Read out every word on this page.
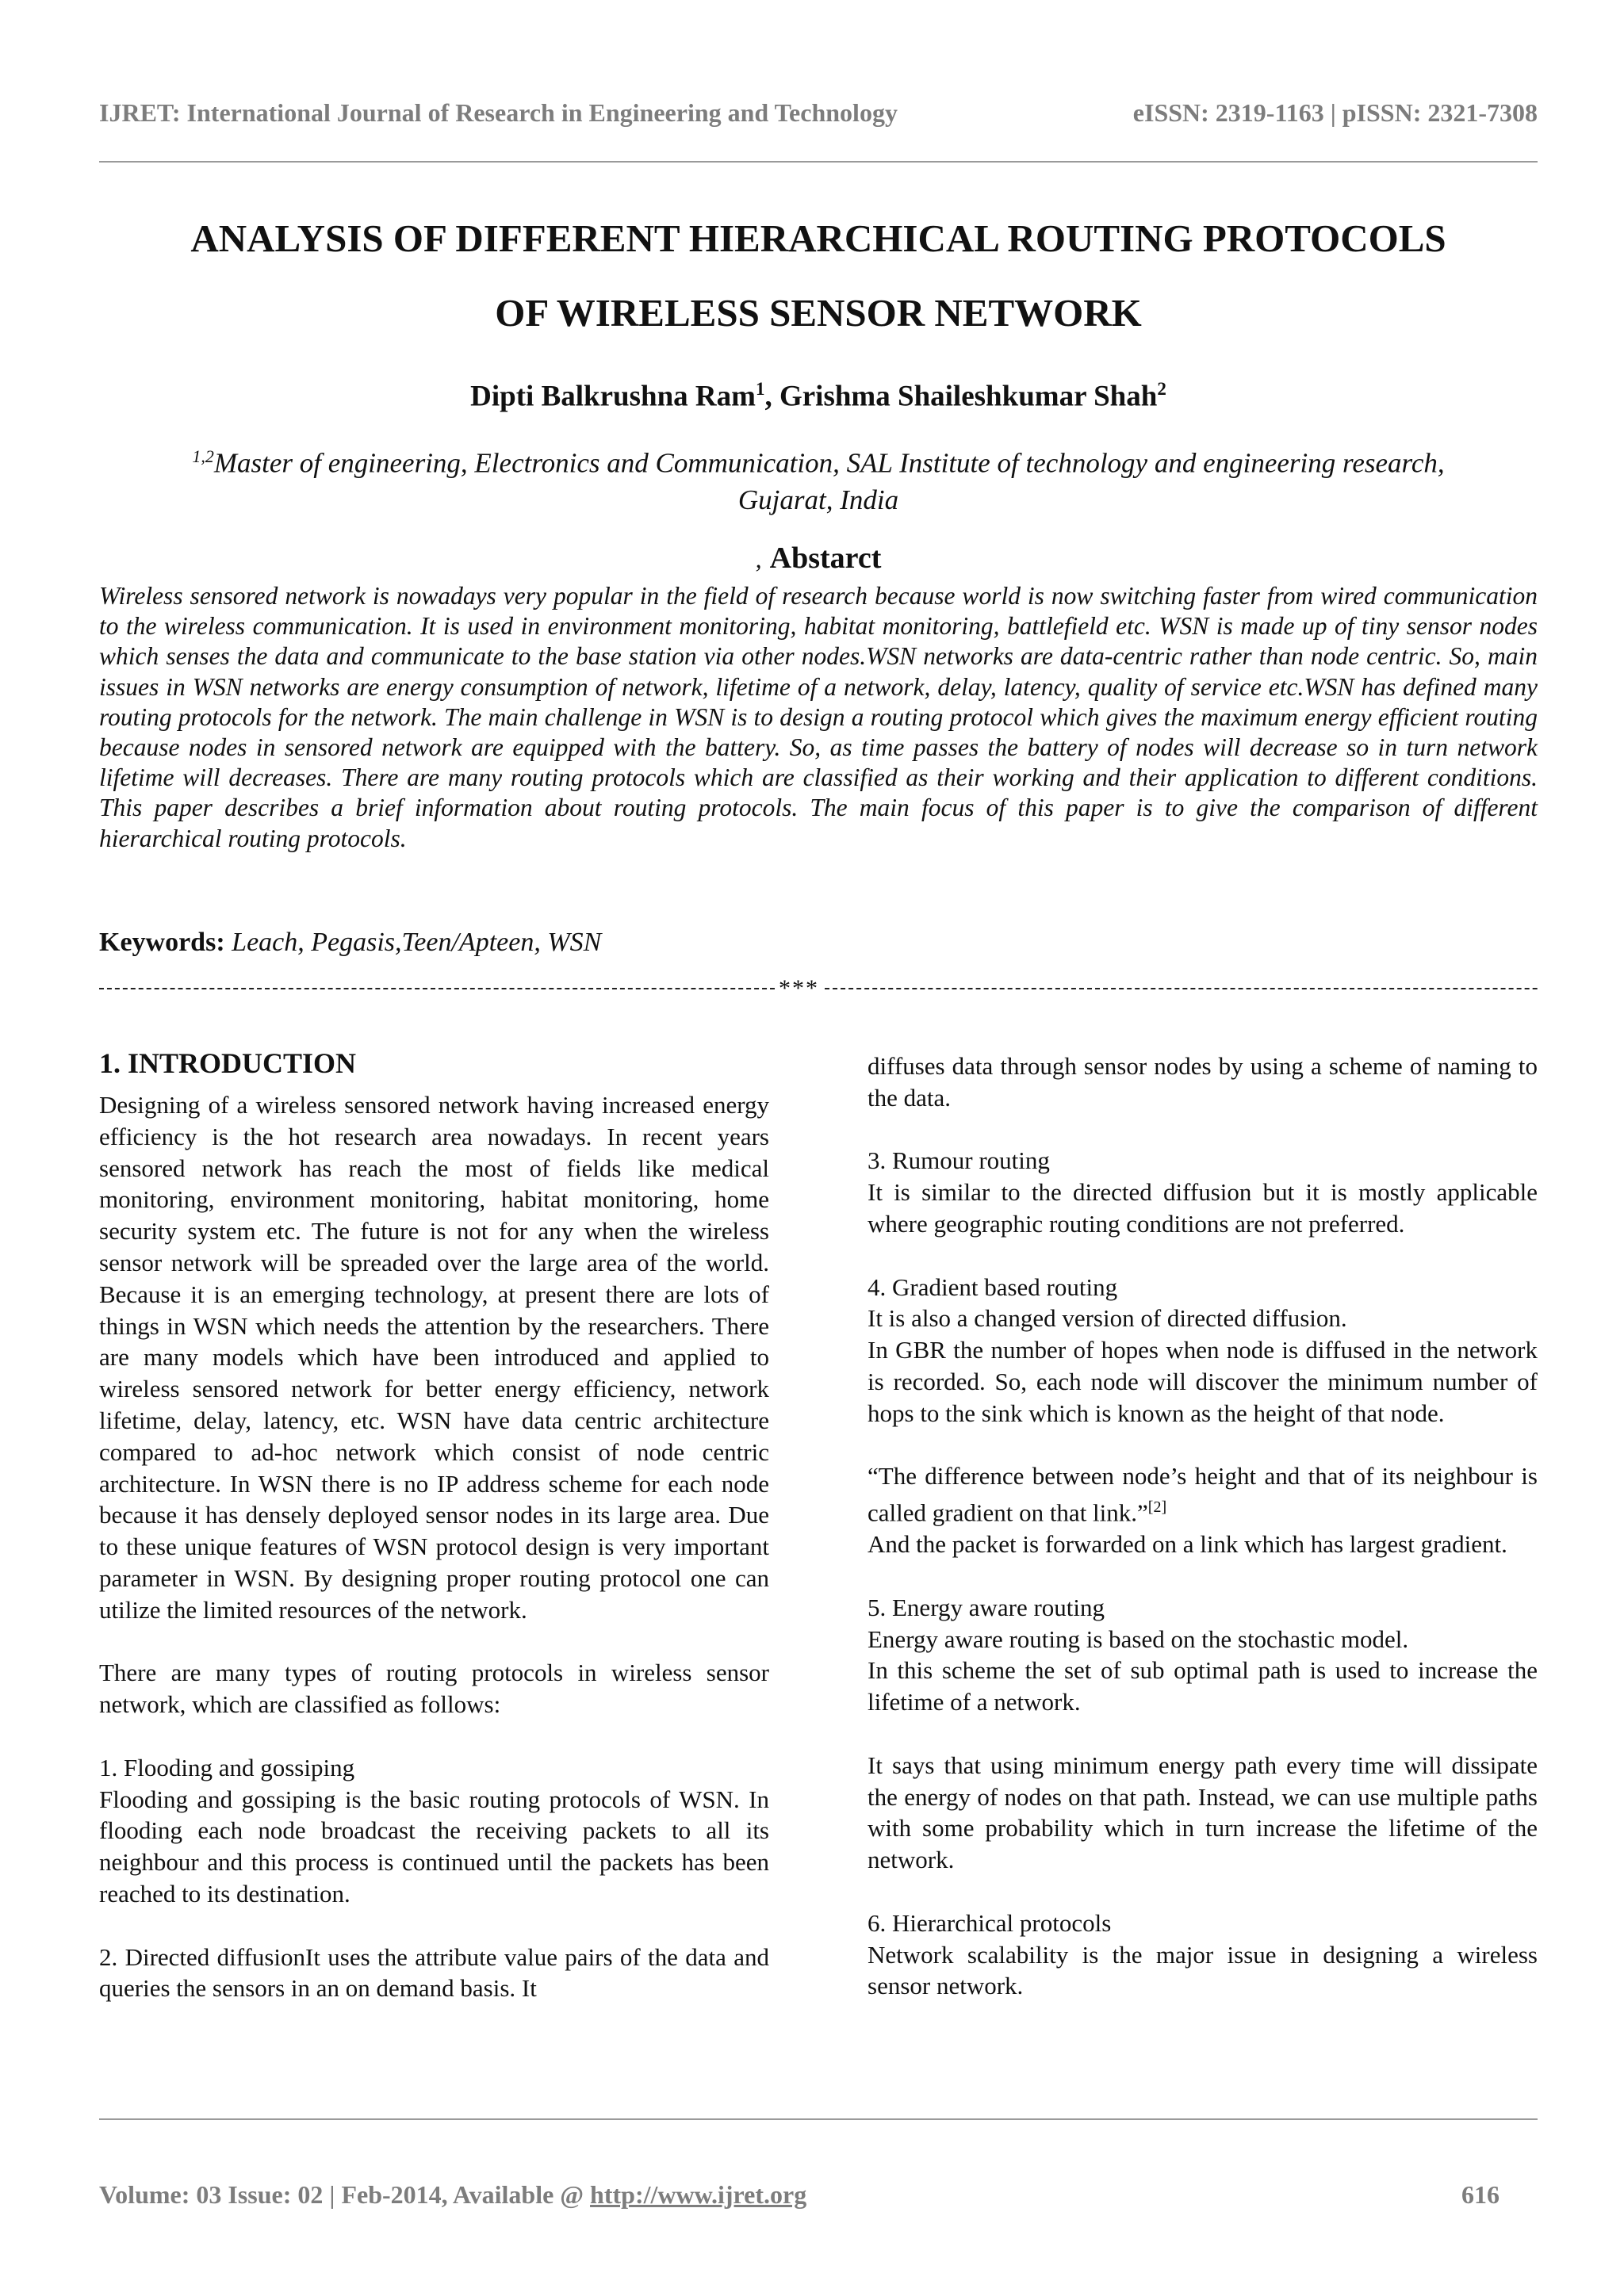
IJRET: International Journal of Research in Engineering and Technology	eISSN: 2319-1163 | pISSN: 2321-7308
ANALYSIS OF DIFFERENT HIERARCHICAL ROUTING PROTOCOLS
OF WIRELESS SENSOR NETWORK
Dipti Balkrushna Ram$^1$, Grishma Shaileshkumar Shah$^2$
$^{1,2}$Master of engineering, Electronics and Communication, SAL Institute of technology and engineering research,
Gujarat, India
, Abstarct
Wireless sensored network is nowadays very popular in the field of research because world is now switching faster from wired communication to the wireless communication. It is used in environment monitoring, habitat monitoring, battlefield etc. WSN is made up of tiny sensor nodes which senses the data and communicate to the base station via other nodes.WSN networks are data-centric rather than node centric. So, main issues in WSN networks are energy consumption of network, lifetime of a network, delay, latency, quality of service etc.WSN has defined many routing protocols for the network. The main challenge in WSN is to design a routing protocol which gives the maximum energy efficient routing because nodes in sensored network are equipped with the battery. So, as time passes the battery of nodes will decrease so in turn network lifetime will decreases. There are many routing protocols which are classified as their working and their application to different conditions. This paper describes a brief information about routing protocols. The main focus of this paper is to give the comparison of different hierarchical routing protocols.
Keywords: Leach, Pegasis,Teen/Apteen, WSN
***
1. INTRODUCTION

Designing of a wireless sensored network having increased energy efficiency is the hot research area nowadays. In recent years sensored network has reach the most of fields like medical monitoring, environment monitoring, habitat monitoring, home security system etc. The future is not for any when the wireless sensor network will be spreaded over the large area of the world. Because it is an emerging technology, at present there are lots of things in WSN which needs the attention by the researchers. There are many models which have been introduced and applied to wireless sensored network for better energy efficiency, network lifetime, delay, latency, etc. WSN have data centric architecture compared to ad-hoc network which consist of node centric architecture. In WSN there is no IP address scheme for each node because it has densely deployed sensor nodes in its large area. Due to these unique features of WSN protocol design is very important parameter in WSN. By designing proper routing protocol one can utilize the limited resources of the network.

There are many types of routing protocols in wireless sensor network, which are classified as follows:

1. Flooding and gossiping

Flooding and gossiping is the basic routing protocols of WSN. In flooding each node broadcast the receiving packets to all its neighbour and this process is continued until the packets has been reached to its destination.

2. Directed diffusionIt uses the attribute value pairs of the data and queries the sensors in an on demand basis. It

diffuses data through sensor nodes by using a scheme of naming to the data.

3. Rumour routing

It is similar to the directed diffusion but it is mostly applicable where geographic routing conditions are not preferred.

4. Gradient based routing

It is also a changed version of directed diffusion.

In GBR the number of hopes when node is diffused in the network is recorded. So, each node will discover the minimum number of hops to the sink which is known as the height of that node.

“The difference between node’s height and that of its neighbour is called gradient on that link.”[2]

And the packet is forwarded on a link which has largest gradient.

5. Energy aware routing

Energy aware routing is based on the stochastic model.

In this scheme the set of sub optimal path is used to increase the lifetime of a network.

It says that using minimum energy path every time will dissipate the energy of nodes on that path. Instead, we can use multiple paths with some probability which in turn increase the lifetime of the network.

6. Hierarchical protocols

Network scalability is the major issue in designing a wireless sensor network.

Volume: 03 Issue: 02 | Feb-2014, Available @ http://www.ijret.org	616
